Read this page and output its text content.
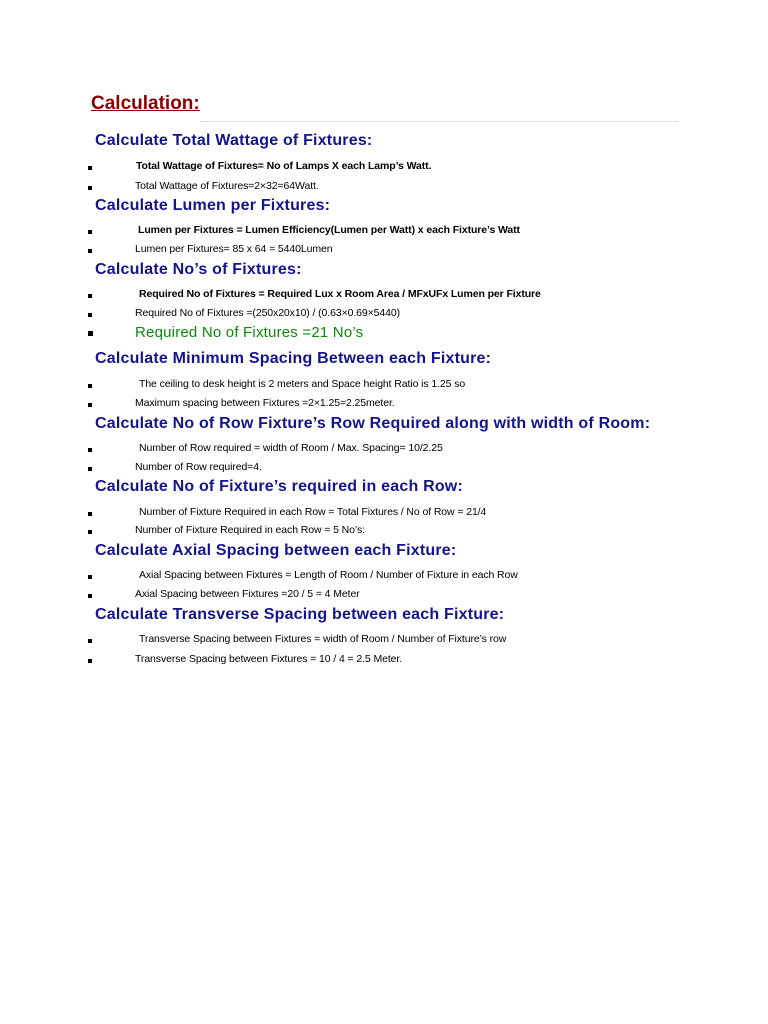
Calculation:
Calculate Total Wattage of Fixtures:
Total Wattage of Fixtures= No of Lamps X each Lamp’s Watt.
Total Wattage of Fixtures=2×32=64Watt.
Calculate Lumen per Fixtures:
Lumen per Fixtures = Lumen Efficiency(Lumen per Watt) x each Fixture’s Watt
Lumen per Fixtures= 85 x 64 = 5440Lumen
Calculate No’s of Fixtures:
Required No of Fixtures = Required Lux x Room Area / MFxUFx Lumen per Fixture
Required No of Fixtures =(250x20x10) / (0.63×0.69×5440)
Required No of Fixtures =21 No’s
Calculate Minimum Spacing Between each Fixture:
The ceiling to desk height is 2 meters and Space height Ratio is 1.25 so
Maximum spacing between Fixtures =2×1.25=2.25meter.
Calculate No of Row Fixture’s Row Required along with width of Room:
Number of Row required = width of Room / Max. Spacing= 10/2.25
Number of Row required=4.
Calculate No of Fixture’s required in each Row:
Number of Fixture Required in each Row = Total Fixtures / No of Row = 21/4
Number of Fixture Required in each Row = 5 No’s:
Calculate Axial Spacing between each Fixture:
Axial Spacing between Fixtures = Length of Room / Number of Fixture in each Row
Axial Spacing between Fixtures =20 / 5 = 4 Meter
Calculate Transverse Spacing between each Fixture:
Transverse Spacing between Fixtures = width of Room / Number of Fixture’s row
Transverse Spacing between Fixtures = 10 / 4 = 2.5 Meter.
